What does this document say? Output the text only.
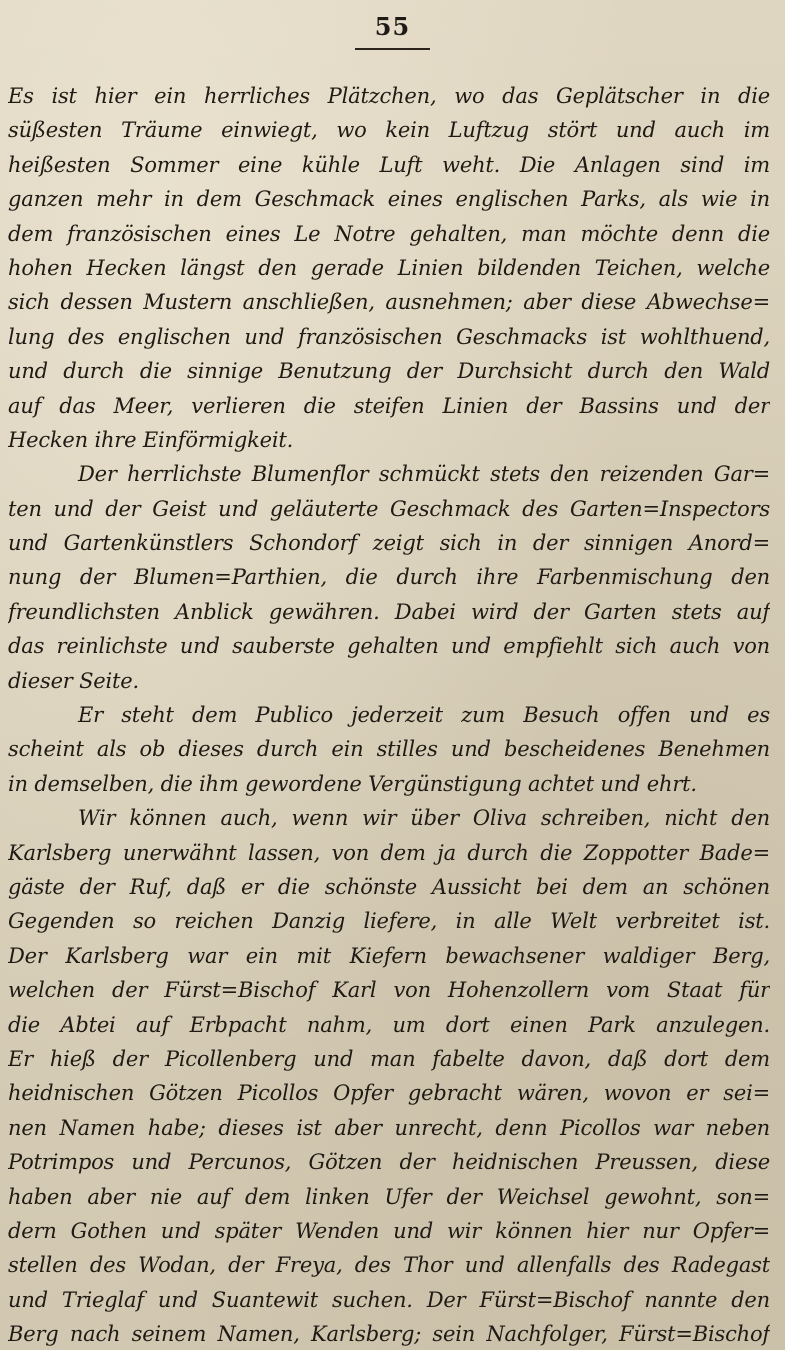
55
Es ist hier ein herrliches Plätzchen, wo das Geplätscher in die
süßesten Träume einwiegt, wo kein Luftzug stört und auch im
heißesten Sommer eine kühle Luft weht. Die Anlagen sind im
ganzen mehr in dem Geschmack eines englischen Parks, als wie in
dem französischen eines Le Notre gehalten, man möchte denn die
hohen Hecken längst den gerade Linien bildenden Teichen, welche
sich dessen Mustern anschließen, ausnehmen; aber diese Abwechse=
lung des englischen und französischen Geschmacks ist wohlthuend,
und durch die sinnige Benutzung der Durchsicht durch den Wald
auf das Meer, verlieren die steifen Linien der Bassins und der
Hecken ihre Einförmigkeit.
Der herrlichste Blumenflor schmückt stets den reizenden Gar=
ten und der Geist und geläuterte Geschmack des Garten=Inspectors
und Gartenkünstlers Schondorf zeigt sich in der sinnigen Anord=
nung der Blumen=Parthien, die durch ihre Farbenmischung den
freundlichsten Anblick gewähren. Dabei wird der Garten stets auf
das reinlichste und sauberste gehalten und empfiehlt sich auch von
dieser Seite.
Er steht dem Publico jederzeit zum Besuch offen und es
scheint als ob dieses durch ein stilles und bescheidenes Benehmen
in demselben, die ihm gewordene Vergünstigung achtet und ehrt.
Wir können auch, wenn wir über Oliva schreiben, nicht den
Karlsberg unerwähnt lassen, von dem ja durch die Zoppotter Bade=
gäste der Ruf, daß er die schönste Aussicht bei dem an schönen
Gegenden so reichen Danzig liefere, in alle Welt verbreitet ist.
Der Karlsberg war ein mit Kiefern bewachsener waldiger Berg,
welchen der Fürst=Bischof Karl von Hohenzollern vom Staat für
die Abtei auf Erbpacht nahm, um dort einen Park anzulegen.
Er hieß der Picollenberg und man fabelte davon, daß dort dem
heidnischen Götzen Picollos Opfer gebracht wären, wovon er sei=
nen Namen habe; dieses ist aber unrecht, denn Picollos war neben
Potrimpos und Percunos, Götzen der heidnischen Preussen, diese
haben aber nie auf dem linken Ufer der Weichsel gewohnt, son=
dern Gothen und später Wenden und wir können hier nur Opfer=
stellen des Wodan, der Freya, des Thor und allenfalls des Radegast
und Trieglaf und Suantewit suchen. Der Fürst=Bischof nannte den
Berg nach seinem Namen, Karlsberg; sein Nachfolger, Fürst=Bischof
